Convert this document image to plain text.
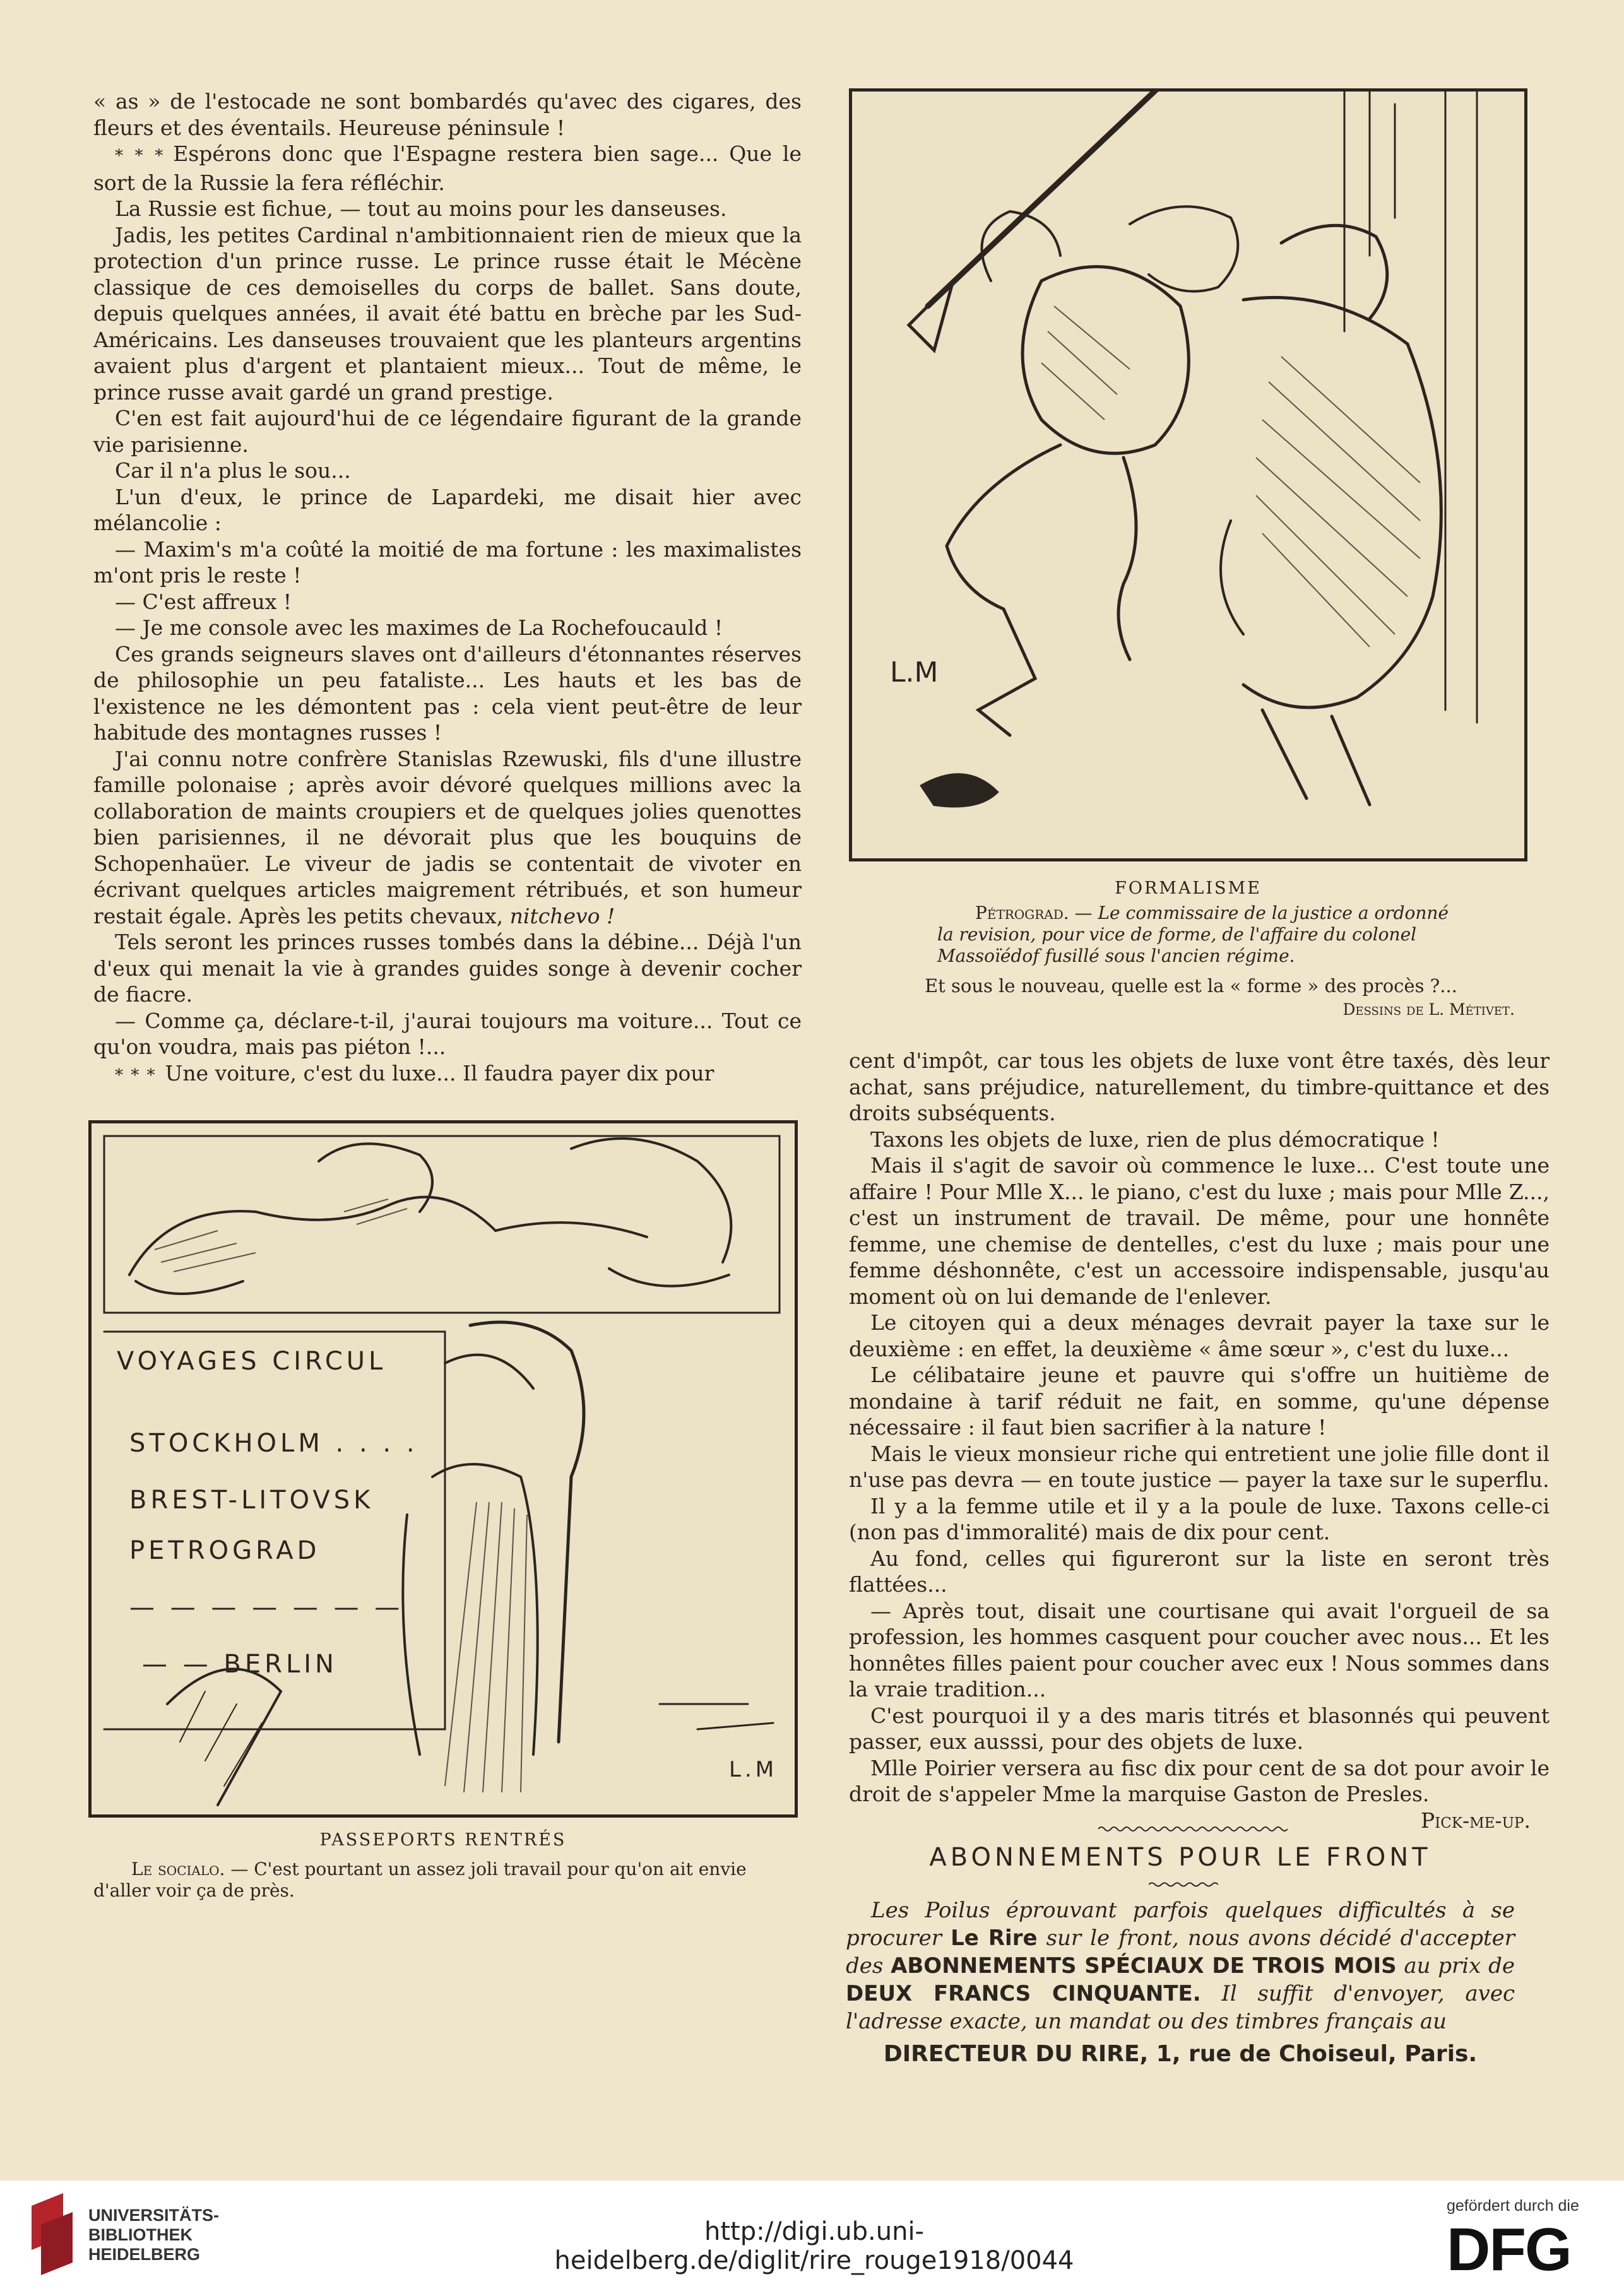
« as » de l'estocade ne sont bombardés qu'avec des cigares, des fleurs et des éventails. Heureuse péninsule !

* * * Espérons donc que l'Espagne restera bien sage... Que le sort de la Russie la fera réfléchir.

La Russie est fichue, — tout au moins pour les danseuses.

Jadis, les petites Cardinal n'ambitionnaient rien de mieux que la protection d'un prince russe. Le prince russe était le Mécène classique de ces demoiselles du corps de ballet. Sans doute, depuis quelques années, il avait été battu en brèche par les Sud-Américains. Les danseuses trouvaient que les planteurs argentins avaient plus d'argent et plantaient mieux... Tout de même, le prince russe avait gardé un grand prestige.

C'en est fait aujourd'hui de ce légendaire figurant de la grande vie parisienne.

Car il n'a plus le sou...

L'un d'eux, le prince de Lapardeki, me disait hier avec mélancolie :

— Maxim's m'a coûté la moitié de ma fortune : les maximalistes m'ont pris le reste !

— C'est affreux !

— Je me console avec les maximes de La Rochefoucauld !

Ces grands seigneurs slaves ont d'ailleurs d'étonnantes réserves de philosophie un peu fataliste... Les hauts et les bas de l'existence ne les démontent pas : cela vient peut-être de leur habitude des montagnes russes !

J'ai connu notre confrère Stanislas Rzewuski, fils d'une illustre famille polonaise ; après avoir dévoré quelques millions avec la collaboration de maints croupiers et de quelques jolies quenottes bien parisiennes, il ne dévorait plus que les bouquins de Schopenhaüer. Le viveur de jadis se contentait de vivoter en écrivant quelques articles maigrement rétribués, et son humeur restait égale. Après les petits chevaux, nitchevo !

Tels seront les princes russes tombés dans la débine... Déjà l'un d'eux qui menait la vie à grandes guides songe à devenir cocher de fiacre.

— Comme ça, déclare-t-il, j'aurai toujours ma voiture... Tout ce qu'on voudra, mais pas piéton !...

* * * Une voiture, c'est du luxe... Il faudra payer dix pour

VOYAGES CIRCUL
STOCKHOLM . . . .
BREST-LITOVSK
PETROGRAD
— — — — — — —
— — BERLIN
L.M
PASSEPORTS RENTRÉS
Le socialo. — C'est pourtant un assez joli travail pour qu'on ait envie d'aller voir ça de près.
L.M
FORMALISME
Pétrograd. — Le commissaire de la justice a ordonné la revision, pour vice de forme, de l'affaire du colonel Massoïédof fusillé sous l'ancien régime.
Et sous le nouveau, quelle est la « forme » des procès ?...
Dessins de L. Métivet.

cent d'impôt, car tous les objets de luxe vont être taxés, dès leur achat, sans préjudice, naturellement, du timbre-quittance et des droits subséquents.

Taxons les objets de luxe, rien de plus démocratique !

Mais il s'agit de savoir où commence le luxe... C'est toute une affaire ! Pour Mlle X... le piano, c'est du luxe ; mais pour Mlle Z..., c'est un instrument de travail. De même, pour une honnête femme, une chemise de dentelles, c'est du luxe ; mais pour une femme déshonnête, c'est un accessoire indispensable, jusqu'au moment où on lui demande de l'enlever.

Le citoyen qui a deux ménages devrait payer la taxe sur le deuxième : en effet, la deuxième « âme sœur », c'est du luxe...

Le célibataire jeune et pauvre qui s'offre un huitième de mondaine à tarif réduit ne fait, en somme, qu'une dépense nécessaire : il faut bien sacrifier à la nature !

Mais le vieux monsieur riche qui entretient une jolie fille dont il n'use pas devra — en toute justice — payer la taxe sur le superflu.

Il y a la femme utile et il y a la poule de luxe. Taxons celle-ci (non pas d'immoralité) mais de dix pour cent.

Au fond, celles qui figureront sur la liste en seront très flattées...

— Après tout, disait une courtisane qui avait l'orgueil de sa profession, les hommes casquent pour coucher avec nous... Et les honnêtes filles paient pour coucher avec eux ! Nous sommes dans la vraie tradition...

C'est pourquoi il y a des maris titrés et blasonnés qui peuvent passer, eux ausssi, pour des objets de luxe.

Mlle Poirier versera au fisc dix pour cent de sa dot pour avoir le droit de s'appeler Mme la marquise Gaston de Presles.

Pick-me-up.
ABONNEMENTS POUR LE FRONT
Les Poilus éprouvant parfois quelques difficultés à se procurer Le Rire sur le front, nous avons décidé d'accepter des ABONNEMENTS SPÉCIAUX DE TROIS MOIS au prix de DEUX FRANCS CINQUANTE. Il suffit d'envoyer, avec l'adresse exacte, un mandat ou des timbres français au
DIRECTEUR DU RIRE, 1, rue de Choiseul, Paris.
UNIVERSITÄTS-
BIBLIOTHEK
HEIDELBERG
http://digi.ub.uni-heidelberg.de/diglit/rire_rouge1918/0044
gefördert durch die
DFG
